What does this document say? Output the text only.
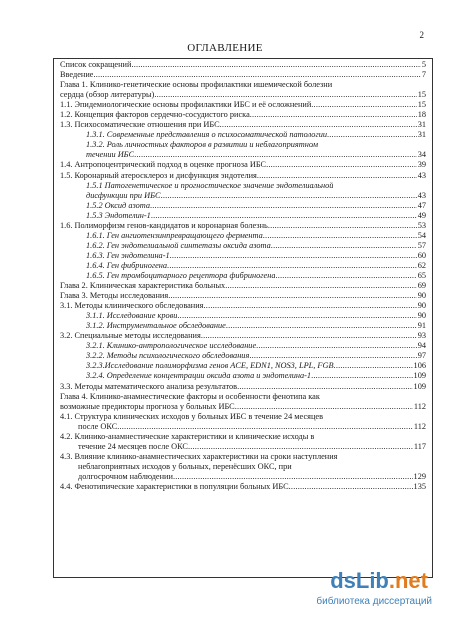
2
ОГЛАВЛЕНИЕ
Список сокращений .....	5
Введение .....	7
Глава 1. Клинико-генетические основы профилактики ишемической болезни
сердца (обзор литературы) .....	15
1.1. Эпидемиологические основы профилактики ИБС и её осложнений .....	15
1.2. Концепция факторов сердечно-сосудистого риска .....	18
1.3. Психосоматические отношения при ИБС .....	31
1.3.1. Современные представления о психосоматической патологии .....	31
1.3.2. Роль личностных факторов в развитии и неблагоприятном
течении ИБС .....	34
1.4. Антропоцентрический подход в оценке прогноза ИБС .....	39
1.5. Коронарный атеросклероз и дисфункция эндотелия .....	43
1.5.1 Патогенетическое и прогностическое значение эндотелиальной
дисфункции при ИБС .....	43
1.5.2 Оксид азота .....	47
1.5.3 Эндотелин-1 .....	49
1.6. Полиморфизм генов-кандидатов и коронарная болезнь .....	53
1.6.1. Ген ангиотензинпревращающего фермента .....	54
1.6.2. Ген эндотелиальной синтетазы оксида азота .....	57
1.6.3. Ген эндотелина-1 .....	60
1.6.4. Ген фибриногена .....	62
1.6.5. Ген тромбоцитарного рецептора фибриногена .....	65
Глава 2. Клиническая характеристика больных .....	69
Глава 3. Методы исследования .....	90
3.1. Методы клинического обследования .....	90
3.1.1. Исследование крови .....	90
3.1.2. Инструментальное обследование .....	91
3.2. Специальные методы исследования .....	93
3.2.1. Клинико-антропологическое исследование .....	94
3.2.2. Методы психологического обследования .....	97
3.2.3.Исследование полиморфизма генов ACE, EDN1, NOS3, LPL, FGB .....	106
3.2.4. Определение концентрации оксида азота и эндотелина-1 .....	109
3.3. Методы математического анализа результатов .....	109
Глава 4. Клинико-анамнестические факторы и особенности фенотипа как
возможные предикторы прогноза у больных ИБС .....	112
4.1. Структура клинических исходов у больных ИБС в течение 24 месяцев
после ОКС .....	112
4.2. Клинико-анамнестические характеристики и клинические исходы в
течение 24 месяцев после ОКС .....	117
4.3. Влияние клинико-анамнестических характеристики на сроки наступления
неблагоприятных исходов у больных, перенёсших ОКС, при
долгосрочном наблюдении .....	129
4.4. Фенотипические характеристики в популяции больных ИБС .....	135
dsLib.net
библиотека диссертаций
